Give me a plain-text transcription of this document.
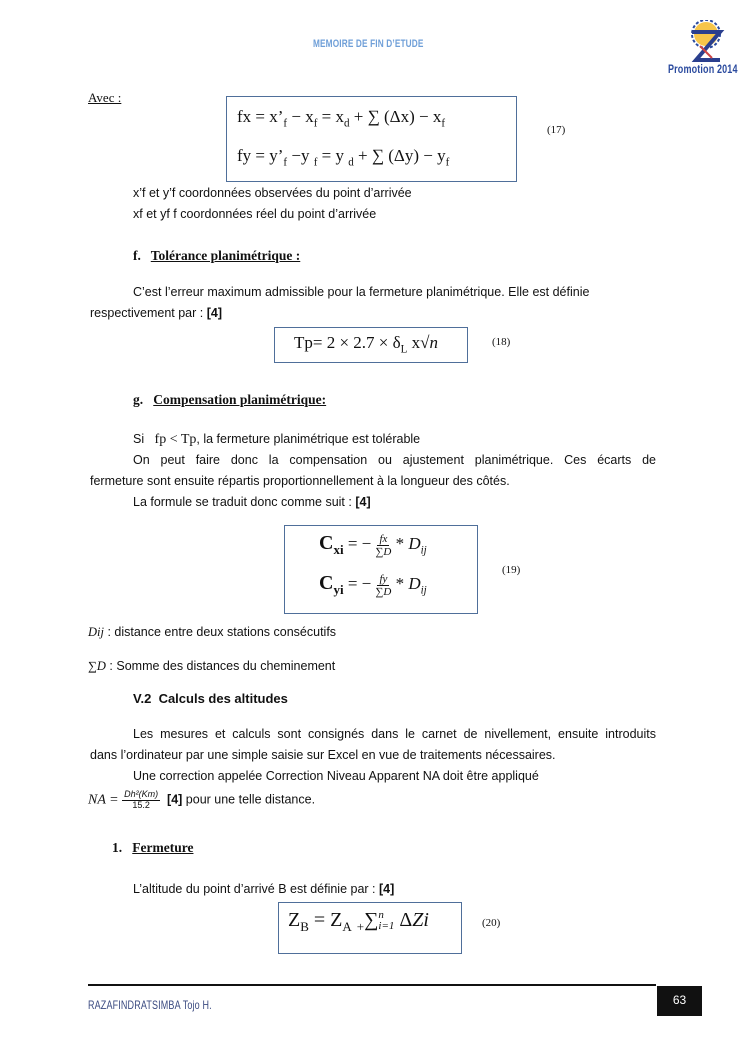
MEMOIRE DE FIN D’ETUDE
Promotion 2014
Avec :
fx = $x’_f - x_f = x_d$ + ∑ $(\Delta x) - x_f$
fy = $y’_f -y$ $_f$ = y $_d$ + ∑ $(\Delta y) - y_f$
(17)
x’f et y’f coordonnées observées du point d’arrivée
xf et yf f coordonnées réel du point d’arrivée
f. Tolérance planimétrique :
C’est l’erreur maximum admissible pour la fermeture planimétrique. Elle est définie
respectivement par : [4]
$Tp= 2 \times 2.7 \times \delta_L$ x√n	(18)
g. Compensation planimétrique:
Si   fp < Tp, la fermeture planimétrique est tolérable
On peut faire donc la compensation ou ajustement planimétrique. Ces écarts de
fermeture sont ensuite répartis proportionnellement à la longueur des côtés.
La formule se traduit donc comme suit : [4]
$C_{xi}$ = − $\frac{fx}{\sum D} * D_{ij}$
$C_{yi}$ = − $\frac{fy}{\sum D} * D_{ij}$
(19)
Dij : distance entre deux stations consécutifs
∑D : Somme des distances du cheminement
V.2 Calculs des altitudes
Les mesures et calculs sont consignés dans le carnet de nivellement, ensuite introduits
dans l’ordinateur par une simple saisie sur Excel en vue de traitements nécessaires.
Une correction appelée Correction Niveau Apparent NA doit être appliqué
NA = $\frac{\text{Dh²(Km)}}{15.2} [4]$ pour une telle distance.
1. Fermeture
L’altitude du point d’arrivé B est définie par : [4]
$Z_B = Z_A$ $_+$∑ n
i=1 ΔZi	(20)
RAZAFINDRATSIMBA Tojo H.	63
